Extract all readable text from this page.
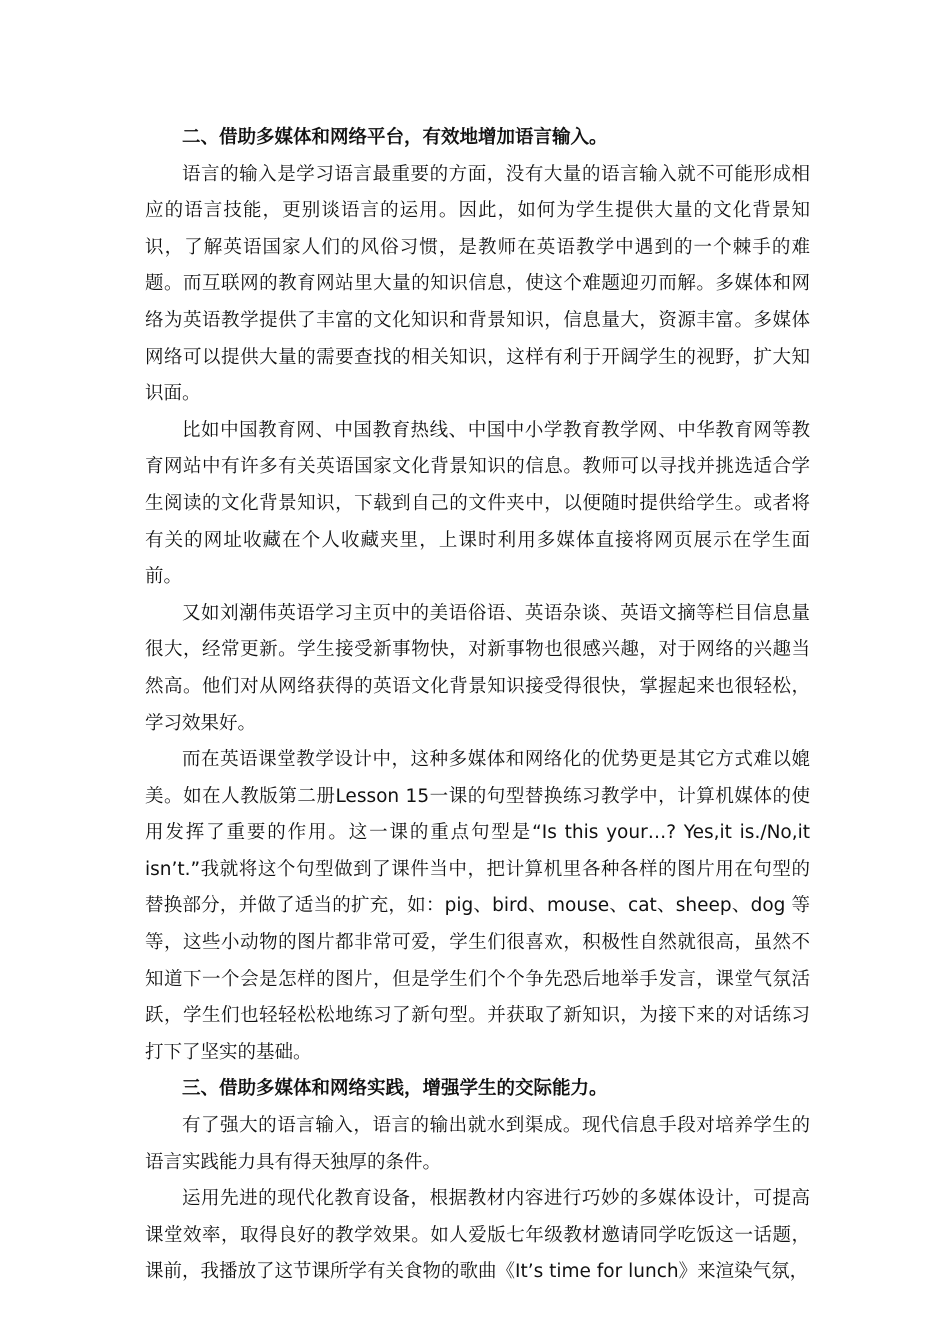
二、借助多媒体和网络平台，有效地增加语言输入。

语言的输入是学习语言最重要的方面，没有大量的语言输入就不可能形成相应的语言技能，更别谈语言的运用。因此，如何为学生提供大量的文化背景知识，了解英语国家人们的风俗习惯，是教师在英语教学中遇到的一个棘手的难题。而互联网的教育网站里大量的知识信息，使这个难题迎刃而解。多媒体和网络为英语教学提供了丰富的文化知识和背景知识，信息量大，资源丰富。多媒体网络可以提供大量的需要查找的相关知识，这样有利于开阔学生的视野，扩大知识面。

比如中国教育网、中国教育热线、中国中小学教育教学网、中华教育网等教育网站中有许多有关英语国家文化背景知识的信息。教师可以寻找并挑选适合学生阅读的文化背景知识，下载到自己的文件夹中，以便随时提供给学生。或者将有关的网址收藏在个人收藏夹里，上课时利用多媒体直接将网页展示在学生面前。

又如刘潮伟英语学习主页中的美语俗语、英语杂谈、英语文摘等栏目信息量很大，经常更新。学生接受新事物快，对新事物也很感兴趣，对于网络的兴趣当然高。他们对从网络获得的英语文化背景知识接受得很快，掌握起来也很轻松，学习效果好。

而在英语课堂教学设计中，这种多媒体和网络化的优势更是其它方式难以媲美。如在人教版第二册Lesson 15一课的句型替换练习教学中，计算机媒体的使用发挥了重要的作用。这一课的重点句型是“Is this your…? Yes,it is./No,it isn’t.”我就将这个句型做到了课件当中，把计算机里各种各样的图片用在句型的替换部分，并做了适当的扩充，如：pig、bird、mouse、cat、sheep、dog 等等，这些小动物的图片都非常可爱，学生们很喜欢，积极性自然就很高，虽然不知道下一个会是怎样的图片，但是学生们个个争先恐后地举手发言，课堂气氛活跃，学生们也轻轻松松地练习了新句型。并获取了新知识，为接下来的对话练习打下了坚实的基础。

三、借助多媒体和网络实践，增强学生的交际能力。

有了强大的语言输入，语言的输出就水到渠成。现代信息手段对培养学生的语言实践能力具有得天独厚的条件。

运用先进的现代化教育设备，根据教材内容进行巧妙的多媒体设计，可提高课堂效率，取得良好的教学效果。如人爱版七年级教材邀请同学吃饭这一话题，课前，我播放了这节课所学有关食物的歌曲《It’s time for lunch》来渲染气氛，
